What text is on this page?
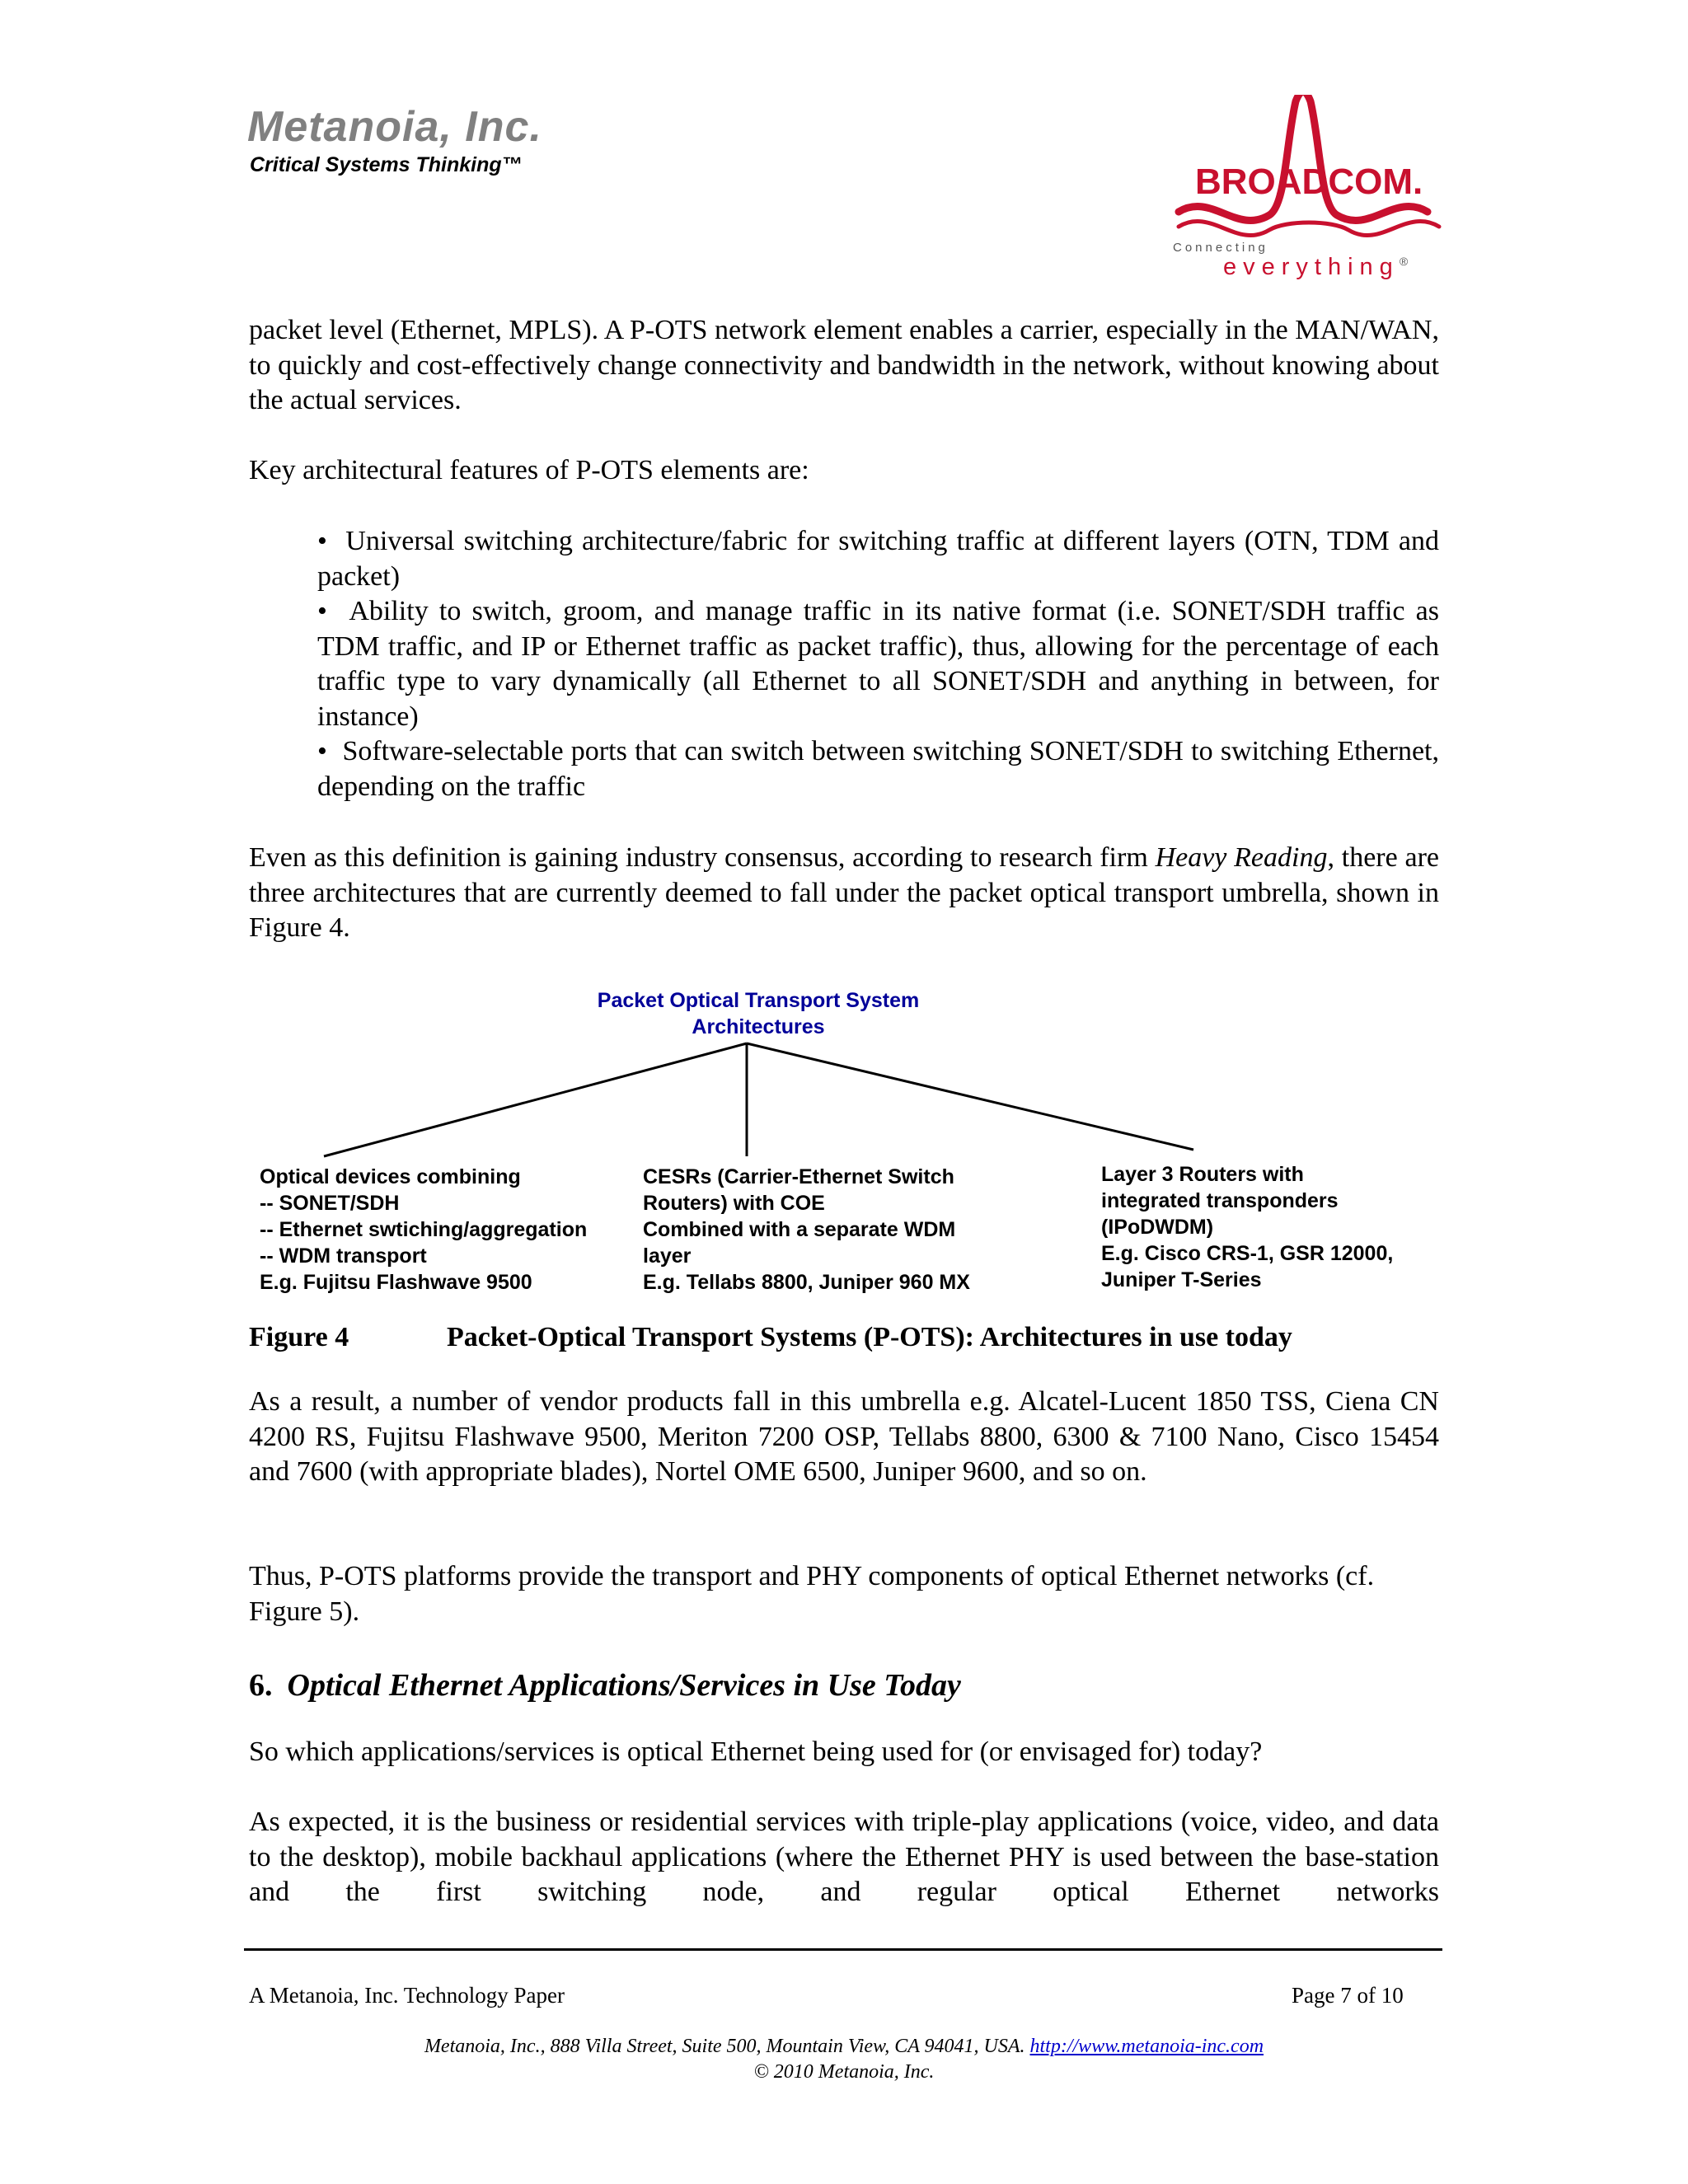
Metanoia, Inc.
Critical Systems Thinking™	BROADCOM.
Connecting
everything®
packet level (Ethernet, MPLS). A P-OTS network element enables a carrier, especially in the MAN/WAN, to quickly and cost-effectively change connectivity and bandwidth in the network, without knowing about the actual services.
Key architectural features of P-OTS elements are:

•  Universal switching architecture/fabric for switching traffic at different layers (OTN, TDM and packet)

•  Ability to switch, groom, and manage traffic in its native format (i.e. SONET/SDH traffic as TDM traffic, and IP or Ethernet traffic as packet traffic), thus, allowing for the percentage of each traffic type to vary dynamically (all Ethernet to all SONET/SDH and anything in between, for instance)

•  Software-selectable ports that can switch between switching SONET/SDH to switching Ethernet, depending on the traffic

Even as this definition is gaining industry consensus, according to research firm Heavy Reading, there are three architectures that are currently deemed to fall under the packet optical transport umbrella, shown in Figure 4.
Packet Optical Transport System
Architectures
Optical devices combining
-- SONET/SDH
-- Ethernet swtiching/aggregation
-- WDM transport
E.g. Fujitsu Flashwave 9500
CESRs (Carrier-Ethernet Switch
Routers) with COE
Combined with a separate WDM
layer
E.g. Tellabs 8800, Juniper 960 MX
Layer 3 Routers with
integrated transponders
(IPoDWDM)
E.g. Cisco CRS-1, GSR 12000,
Juniper T-Series
Figure 4	Packet-Optical Transport Systems (P-OTS): Architectures in use today
As a result, a number of vendor products fall in this umbrella e.g. Alcatel-Lucent 1850 TSS, Ciena CN 4200 RS, Fujitsu Flashwave 9500, Meriton 7200 OSP, Tellabs 8800, 6300 & 7100 Nano, Cisco 15454 and 7600 (with appropriate blades), Nortel OME 6500, Juniper 9600, and so on.
Thus, P-OTS platforms provide the transport and PHY components of optical Ethernet networks (cf. Figure 5).
6. Optical Ethernet Applications/Services in Use Today
So which applications/services is optical Ethernet being used for (or envisaged for) today?
As expected, it is the business or residential services with triple-play applications (voice, video, and data to the desktop), mobile backhaul applications (where the Ethernet PHY is used between the base-station and the first switching node, and regular optical Ethernet networks
A Metanoia, Inc. Technology Paper	Page 7 of 10
Metanoia, Inc., 888 Villa Street, Suite 500, Mountain View, CA 94041, USA. http://www.metanoia-inc.com
© 2010 Metanoia, Inc.
